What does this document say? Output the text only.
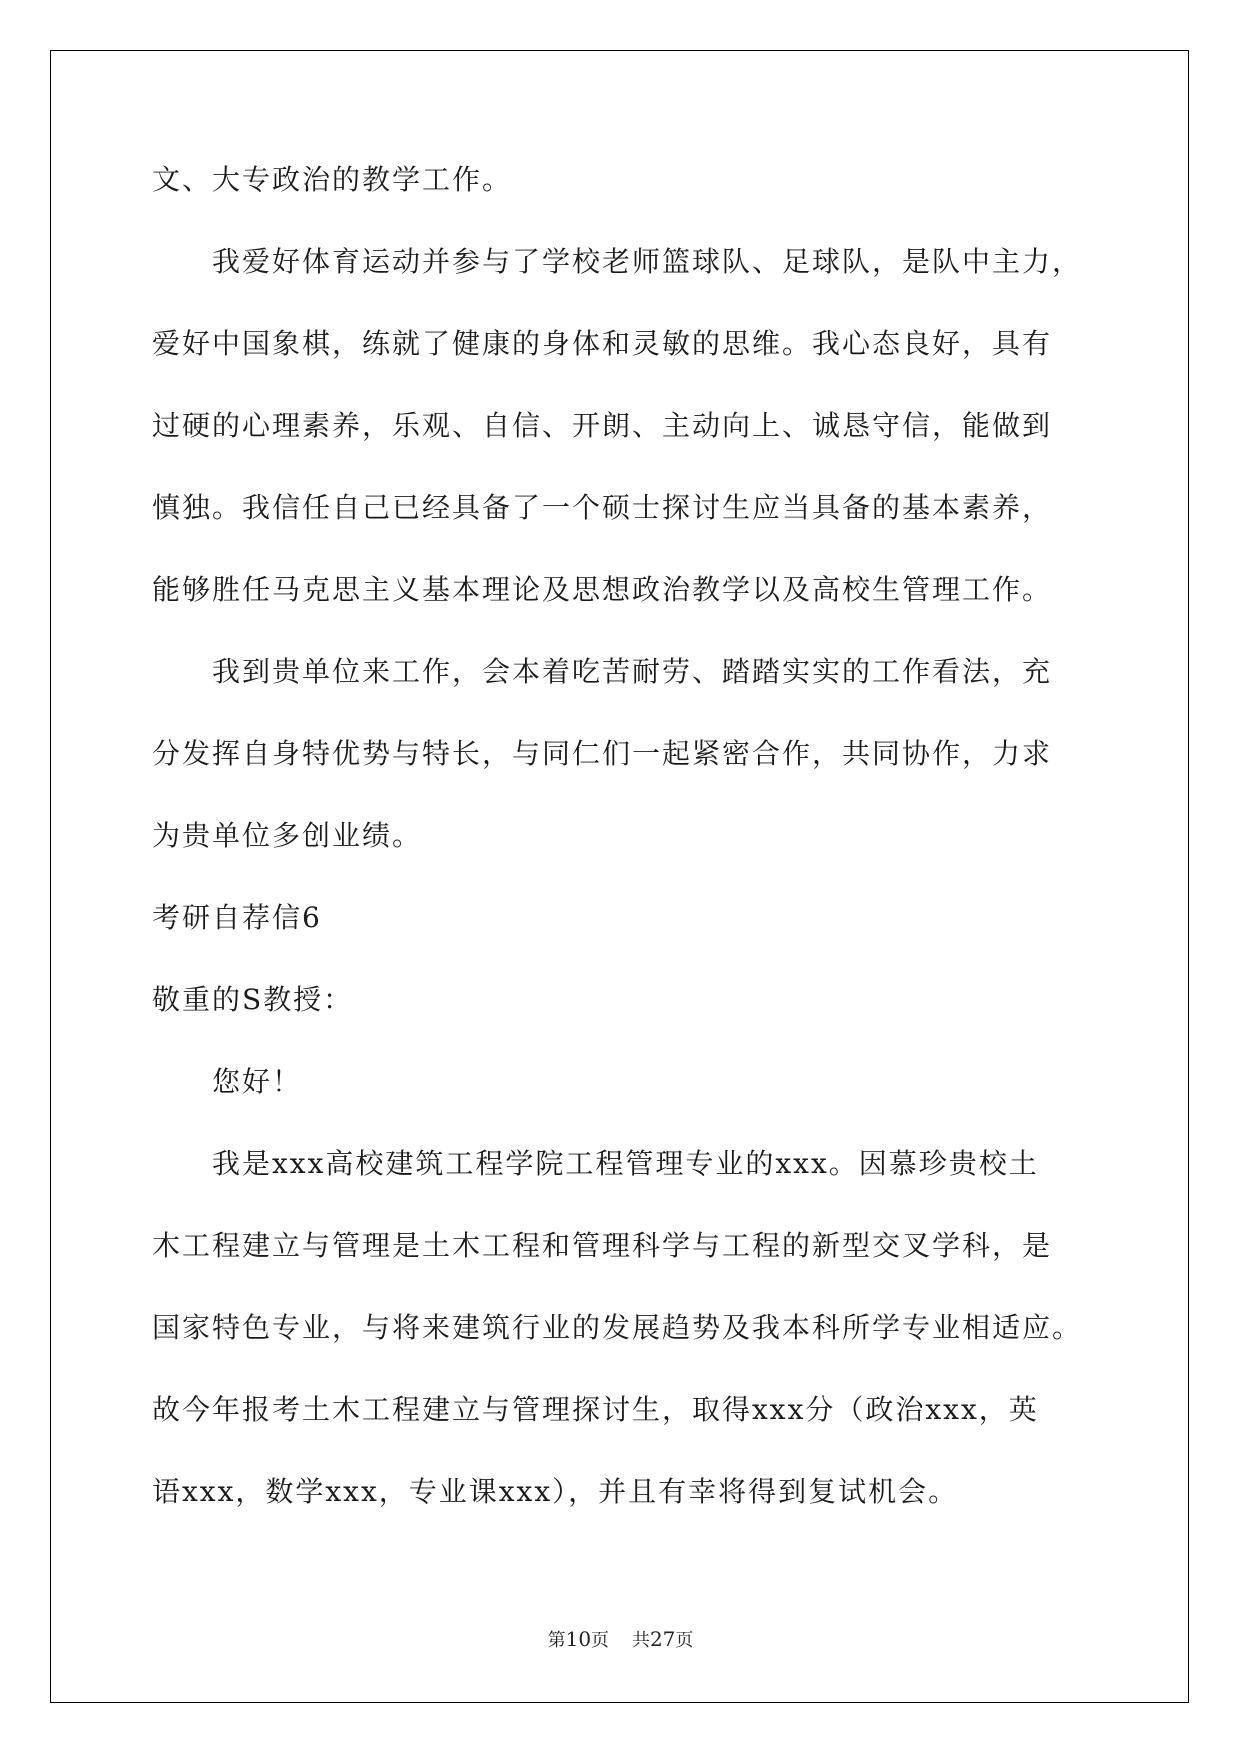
文、大专政治的教学工作。
我爱好体育运动并参与了学校老师篮球队、足球队，是队中主力，
爱好中国象棋，练就了健康的身体和灵敏的思维。我心态良好，具有
过硬的心理素养，乐观、自信、开朗、主动向上、诚恳守信，能做到
慎独。我信任自己已经具备了一个硕士探讨生应当具备的基本素养，
能够胜任马克思主义基本理论及思想政治教学以及高校生管理工作。
我到贵单位来工作，会本着吃苦耐劳、踏踏实实的工作看法，充
分发挥自身特优势与特长，与同仁们一起紧密合作，共同协作，力求
为贵单位多创业绩。
考研自荐信6
敬重的S教授：
您好！
我是xxx高校建筑工程学院工程管理专业的xxx。因慕珍贵校土
木工程建立与管理是土木工程和管理科学与工程的新型交叉学科，是
国家特色专业，与将来建筑行业的发展趋势及我本科所学专业相适应。
故今年报考土木工程建立与管理探讨生，取得xxx分（政治xxx，英
语xxx，数学xxx，专业课xxx），并且有幸将得到复试机会。
第10页 共27页
